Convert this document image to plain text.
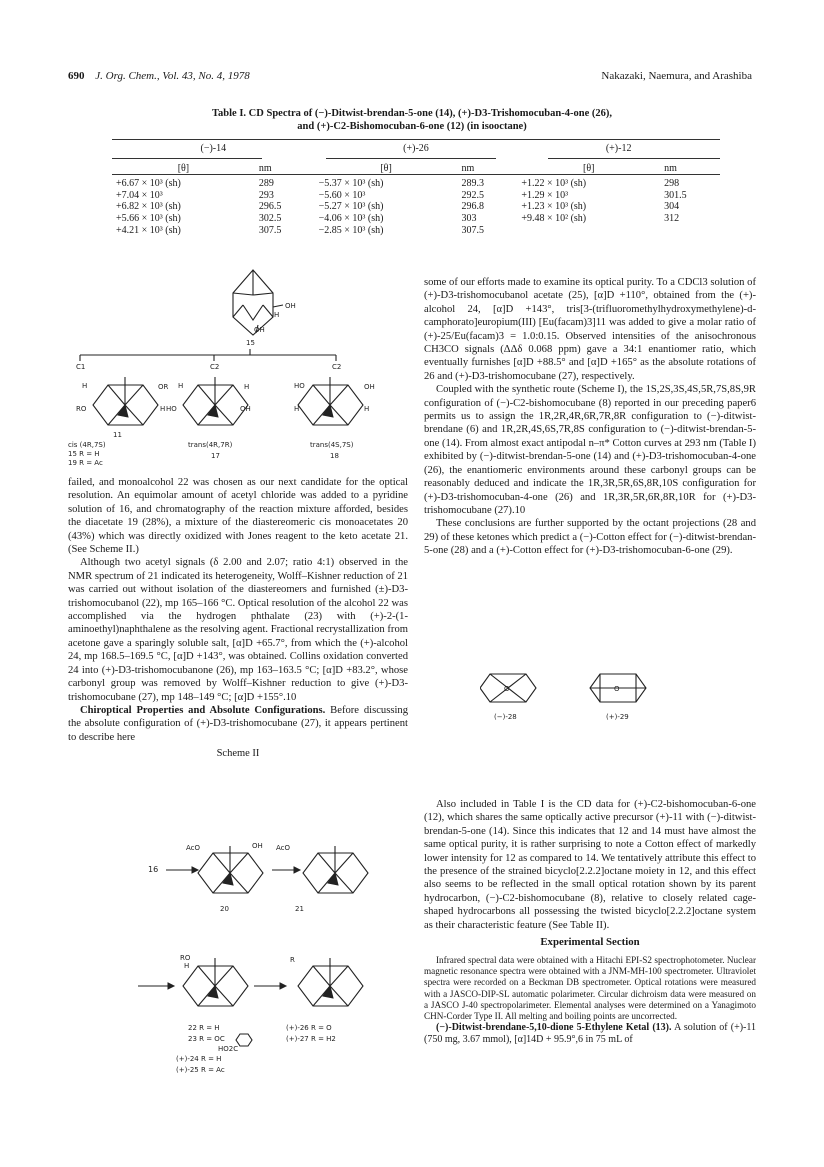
690 J. Org. Chem., Vol. 43, No. 4, 1978	Nakazaki, Naemura, and Arashiba
Table I. CD Spectra of (−)-Ditwist-brendan-5-one (14), (+)-D3-Trishomocuban-4-one (26),
and (+)-C2-Bishomocuban-6-one (12) (in isooctane)
(−)-14		(+)-26		(+)-12	
[θ]	nm	[θ]	nm	[θ]	nm
+6.67 × 10³ (sh)	289	−5.37 × 10³ (sh)	289.3	+1.22 × 10³ (sh)	298
+7.04 × 10³	293	−5.60 × 10³	292.5	+1.29 × 10³	301.5
+6.82 × 10³ (sh)	296.5	−5.27 × 10³ (sh)	296.8	+1.23 × 10³ (sh)	304
+5.66 × 10³ (sh)	302.5	−4.06 × 10³ (sh)	303	+9.48 × 10² (sh)	312
+4.21 × 10³ (sh)	307.5	−2.85 × 10³ (sh)	307.5		
OH
H
OH
15
C1	C2	C2
H
RO
OR
H
11
cis (4R,7S)
15 R = H
19 R = Ac
H
HO
H
OH
trans(4R,7R)
17
HO
H
OH
H
trans(4S,7S)
18

failed, and monoalcohol 22 was chosen as our next candidate for the optical resolution. An equimolar amount of acetyl chloride was added to a pyridine solution of 16, and chromatography of the reaction mixture afforded, besides the diacetate 19 (28%), a mixture of the diastereomeric cis monoacetates 20 (43%) which was directly oxidized with Jones reagent to the keto acetate 21. (See Scheme II.)

Although two acetyl signals (δ 2.00 and 2.07; ratio 4:1) observed in the NMR spectrum of 21 indicated its heterogeneity, Wolff–Kishner reduction of 21 was carried out without isolation of the diastereomers and furnished (±)-D3-trishomocubanol (22), mp 165–166 °C. Optical resolution of the alcohol 22 was accomplished via the hydrogen phthalate (23) with (+)-2-(1-aminoethyl)naphthalene as the resolving agent. Fractional recrystallization from acetone gave a sparingly soluble salt, [α]D +65.7°, from which the (+)-alcohol 24, mp 168.5–169.5 °C, [α]D +143°, was obtained. Collins oxidation converted 24 into (+)-D3-trishomocubanone (26), mp 163–163.5 °C; [α]D +83.2°, whose carbonyl group was removed by Wolff–Kishner reduction to give (+)-D3-trishomocubane (27), mp 148–149 °C; [α]D +155°.10

Chiroptical Properties and Absolute Configurations. Before discussing the absolute configuration of (+)-D3-trishomocubane (27), it appears pertinent to describe here

Scheme II
16
AcO	OH
20
AcO
21
RO
H
R
22 R = H
23 R = OC
HO2C
(+)-24 R = H
(+)-25 R = Ac
(+)-26 R = O
(+)-27 R = H2

some of our efforts made to examine its optical purity. To a CDCl3 solution of (+)-D3-trishomocubanol acetate (25), [α]D +110°, obtained from the (+)-alcohol 24, [α]D +143°, tris[3-(trifluoromethylhydroxymethylene)-d-camphorato]europium(III) [Eu(facam)3]11 was added to give a molar ratio of (+)-25/Eu(facam)3 = 1.0:0.15. Observed intensities of the anisochronous CH3CO signals (ΔΔδ 0.068 ppm) gave a 34:1 enantiomer ratio, which eventually furnishes [α]D +88.5° and [α]D +165° as the absolute rotations of 26 and (+)-D3-trishomocubane (27), respectively.

Coupled with the synthetic route (Scheme I), the 1S,2S,3S,4S,5R,7S,8S,9R configuration of (−)-C2-bishomocubane (8) reported in our preceding paper6 permits us to assign the 1R,2R,4R,6R,7R,8R configuration to (−)-ditwist-brendane (6) and 1R,2R,4S,6S,7R,8S configuration to (−)-ditwist-brendan-5-one (14). From almost exact antipodal n–π* Cotton curves at 293 nm (Table I) exhibited by (−)-ditwist-brendan-5-one (14) and (+)-D3-trishomocuban-4-one (26), the enantiomeric environments around these carbonyl groups can be reasonably deduced and indicate the 1R,3R,5R,6S,8R,10S configuration for (+)-D3-trishomocuban-4-one (26) and 1R,3R,5R,6R,8R,10R for (+)-D3-trishomocubane (27).10

These conclusions are further supported by the octant projections (28 and 29) of these ketones which predict a (−)-Cotton effect for (−)-ditwist-brendan-5-one (28) and a (+)-Cotton effect for (+)-D3-trishomocuban-6-one (29).

O
(−)-28
O
(+)-29

Also included in Table I is the CD data for (+)-C2-bishomocuban-6-one (12), which shares the same optically active precursor (+)-11 with (−)-ditwist-brendan-5-one (14). Since this indicates that 12 and 14 must have almost the same optical purity, it is rather surprising to note a Cotton effect of markedly lower intensity for 12 as compared to 14. We tentatively attribute this effect to the presence of the strained bicyclo[2.2.2]octane moiety in 12, and this effect also seems to be reflected in the small optical rotation shown by its parent hydrocarbon, (−)-C2-bishomocubane (8), relative to closely related cage-shaped hydrocarbons all possessing the twisted bicyclo[2.2.2]octane system as their characteristic feature (See Table II).

Experimental Section

Infrared spectral data were obtained with a Hitachi EPI-S2 spectrophotometer. Nuclear magnetic resonance spectra were obtained with a JNM-MH-100 spectrometer. Ultraviolet spectra were recorded on a Beckman DB spectrometer. Optical rotations were measured with a JASCO-DIP-SL automatic polarimeter. Circular dichroism data were measured on a JASCO J-40 spectropolarimeter. Elemental analyses were determined on a Yanagimoto CHN-Corder Type II. All melting and boiling points are uncorrected.

(−)-Ditwist-brendane-5,10-dione 5-Ethylene Ketal (13). A solution of (+)-11 (750 mg, 3.67 mmol), [α]14D + 95.9°,6 in 75 mL of
